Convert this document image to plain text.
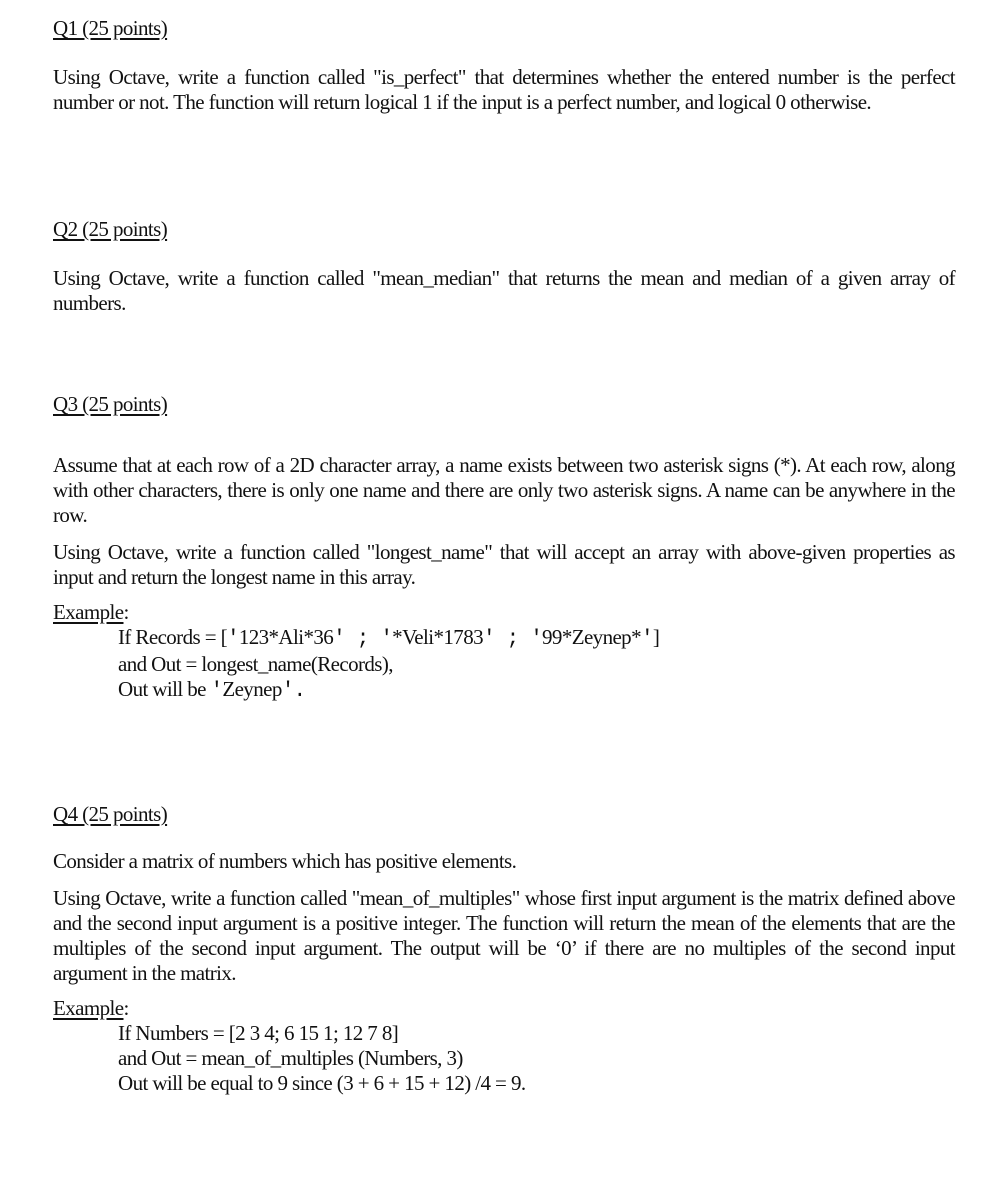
Q1 (25 points)

Using Octave, write a function called "is_perfect" that determines whether the entered number is the perfect number or not. The function will return logical 1 if the input is a perfect number, and logical 0 otherwise.

Q2 (25 points)

Using Octave, write a function called "mean_median" that returns the mean and median of a given array of numbers.

Q3 (25 points)

Assume that at each row of a 2D character array, a name exists between two asterisk signs (*). At each row, along with other characters, there is only one name and there are only two asterisk signs. A name can be anywhere in the row.

Using Octave, write a function called "longest_name" that will accept an array with above-given properties as input and return the longest name in this array.

Example:

If Records = ['123*Ali*36' ; '*Veli*1783' ; '99*Zeynep*']
and Out = longest_name(Records),
Out will be 'Zeynep'.

Q4 (25 points)

Consider a matrix of numbers which has positive elements.

Using Octave, write a function called "mean_of_multiples" whose first input argument is the matrix defined above and the second input argument is a positive integer. The function will return the mean of the elements that are the multiples of the second input argument. The output will be ‘0’ if there are no multiples of the second input argument in the matrix.

Example:

If Numbers = [2 3 4; 6 15 1; 12 7 8]
and Out = mean_of_multiples (Numbers, 3)
Out will be equal to 9 since (3 + 6 + 15 + 12) /4 = 9.
